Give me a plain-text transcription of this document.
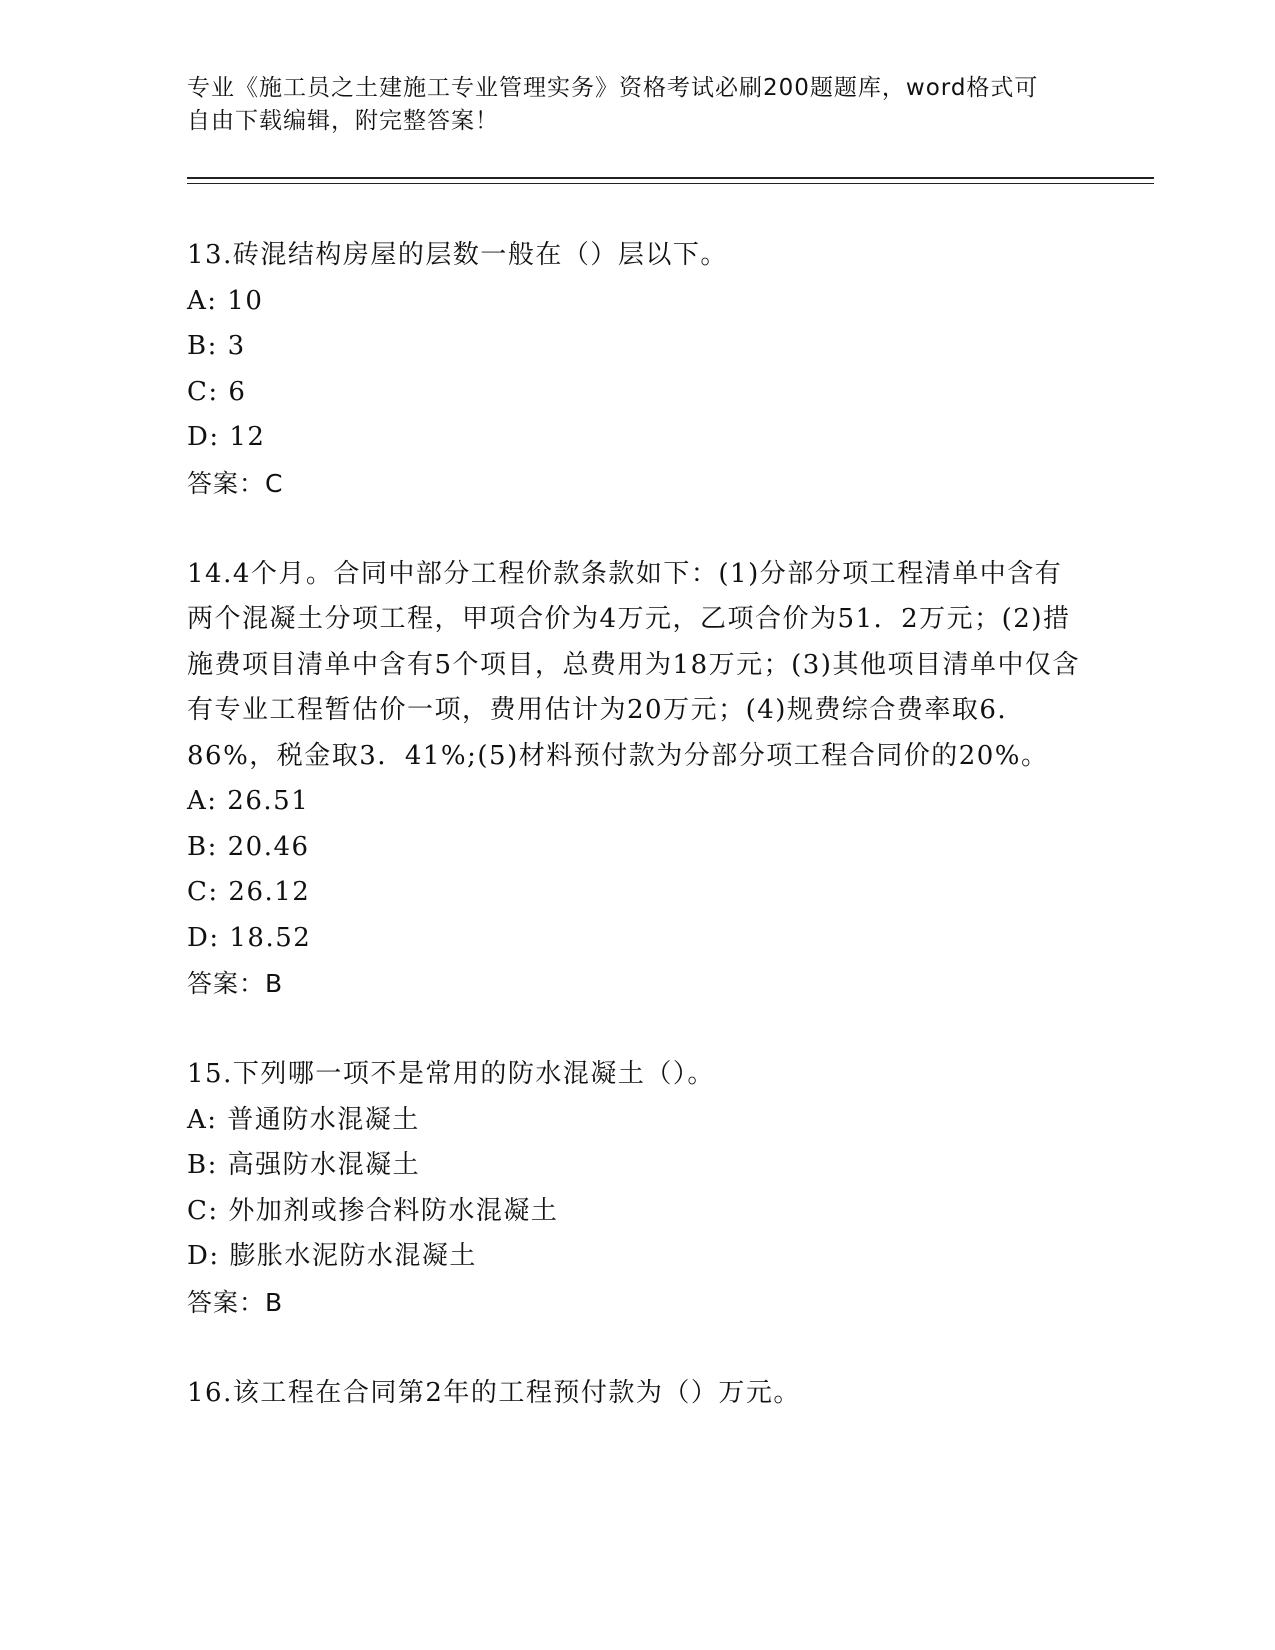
专业《施工员之土建施工专业管理实务》资格考试必刷200题题库，word格式可
自由下载编辑，附完整答案！

13.砖混结构房屋的层数一般在（）层以下。

A: 10

B: 3

C: 6

D: 12

答案：C

14.4个月。合同中部分工程价款条款如下：(1)分部分项工程清单中含有两个混凝土分项工程，甲项合价为4万元，乙项合价为51．2万元；(2)措施费项目清单中含有5个项目，总费用为18万元；(3)其他项目清单中仅含有专业工程暂估价一项，费用估计为20万元；(4)规费综合费率取6．86%，税金取3．41%;(5)材料预付款为分部分项工程合同价的20%。

A: 26.51

B: 20.46

C: 26.12

D: 18.52

答案：B

15.下列哪一项不是常用的防水混凝土（）。

A: 普通防水混凝土

B: 高强防水混凝土

C: 外加剂或掺合料防水混凝土

D: 膨胀水泥防水混凝土

答案：B

16.该工程在合同第2年的工程预付款为（）万元。
